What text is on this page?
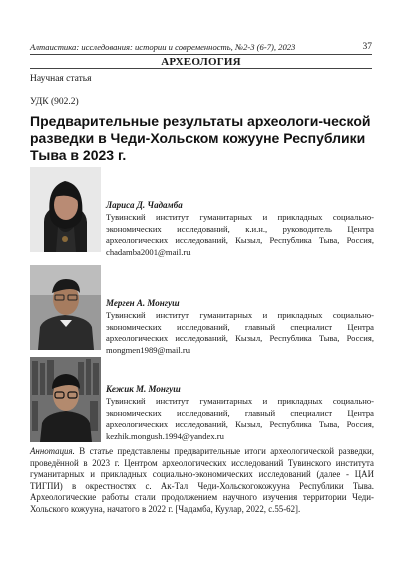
Алтаистика: исследования: истории и современность, №2-3 (6-7), 2023	37
АРХЕОЛОГИЯ
Научная статья
УДК (902.2)
Предварительные результаты археологи-ческой разведки в Чеди-Хольском кожууне Республики Тыва в 2023 г.
Лариса Д. Чадамба
Тувинский институт гуманитарных и прикладных социально-экономических исследований, к.и.н., руководитель Центра археологических исследований, Кызыл, Республика Тыва, Россия, chadamba2001@mail.ru
Мерген А. Монгуш
Тувинский институт гуманитарных и прикладных социально-экономических исследований, главный специалист Центра археологических исследований, Кызыл, Республика Тыва, Россия, mongmen1989@mail.ru
Кежик М. Монгуш
Тувинский институт гуманитарных и прикладных социально-экономических исследований, главный специалист Центра археологических исследований, Кызыл, Республика Тыва, Россия, kezhik.mongush.1994@yandex.ru
Аннотация. В статье представлены предварительные итоги археологической разведки, проведённой в 2023 г. Центром археологических исследований Тувинского института гуманитарных и прикладных социально-экономических исследований (далее - ЦАИ ТИГПИ) в окрестностях с. Ак-Тал Чеди-Хольскогокожууна Республики Тыва. Археологические работы стали продолжением научного изучения территории Чеди-Хольского кожууна, начатого в 2022 г. [Чадамба, Куулар, 2022, с.55-62].
